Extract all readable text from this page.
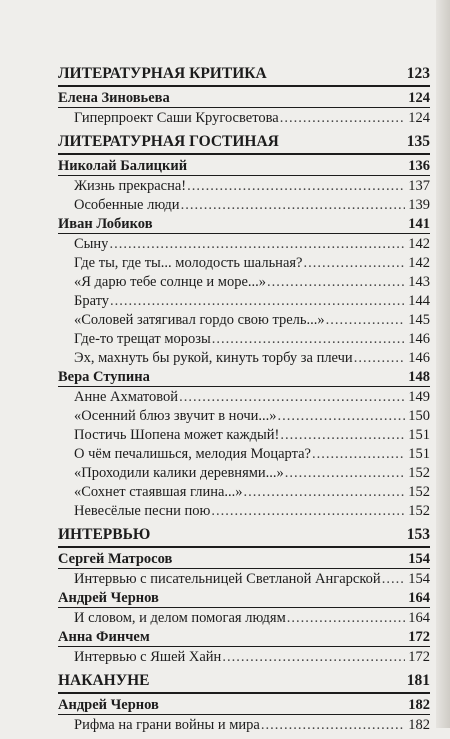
ЛИТЕРАТУРНАЯ КРИТИКА	123
Елена Зиновьева	124
Гиперпроект Саши Кругосветова .....	124
ЛИТЕРАТУРНАЯ ГОСТИНАЯ	135
Николай Балицкий	136
Жизнь прекрасна! .....	137
Особенные люди .....	139
Иван Лобиков	141
Сыну .....	142
Где ты, где ты... молодость шальная? .....	142
«Я дарю тебе солнце и море...» .....	143
Брату .....	144
«Соловей затягивал гордо свою трель...» .....	145
Где-то трещат морозы .....	146
Эх, махнуть бы рукой, кинуть торбу за плечи .....	146
Вера Ступина	148
Анне Ахматовой .....	149
«Осенний блюз звучит в ночи...» .....	150
Постичь Шопена может каждый! .....	151
О чём печалишься, мелодия Моцарта? .....	151
«Проходили калики деревнями...» .....	152
«Сохнет стаявшая глина...» .....	152
Невесёлые песни пою .....	152
ИНТЕРВЬЮ	153
Сергей Матросов	154
Интервью с писательницей Светланой Ангарской ..... 154
Андрей Чернов	164
И словом, и делом помогая людям .....	164
Анна Финчем	172
Интервью с Яшей Хайн .....	172
НАКАНУНЕ	181
Андрей Чернов	182
Рифма на грани войны и мира .....	182
